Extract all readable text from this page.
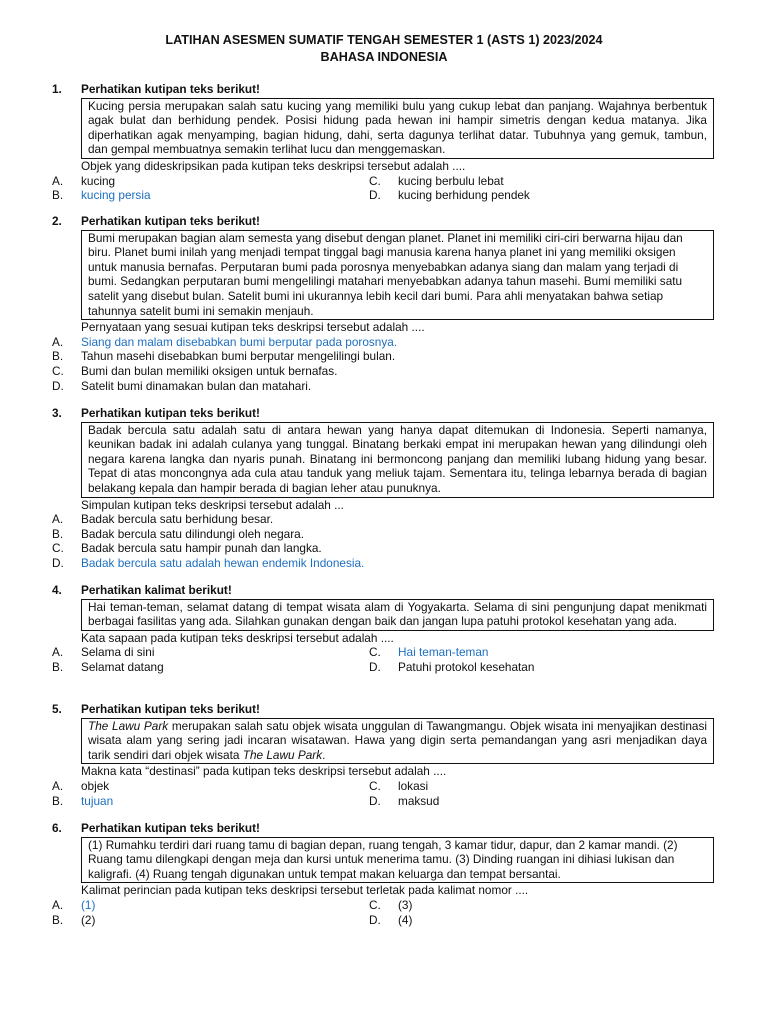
LATIHAN ASESMEN SUMATIF TENGAH SEMESTER 1 (ASTS 1) 2023/2024
BAHASA INDONESIA
1.	Perhatikan kutipan teks berikut!
Kucing persia merupakan salah satu kucing yang memiliki bulu yang cukup lebat dan panjang. Wajahnya berbentuk agak bulat dan berhidung pendek. Posisi hidung pada hewan ini hampir simetris dengan kedua matanya. Jika diperhatikan agak menyamping, bagian hidung, dahi, serta dagunya terlihat datar. Tubuhnya yang gemuk, tambun, dan gempal membuatnya semakin terlihat lucu dan menggemaskan.
Objek yang dideskripsikan pada kutipan teks deskripsi tersebut adalah ....
A.	kucing	C.	kucing berbulu lebat
B.	kucing persia	D.	kucing berhidung pendek
2.	Perhatikan kutipan teks berikut!
Bumi merupakan bagian alam semesta yang disebut dengan planet. Planet ini memiliki ciri-ciri berwarna hijau dan biru. Planet bumi inilah yang menjadi tempat tinggal bagi manusia karena hanya planet ini yang memiliki oksigen untuk manusia bernafas. Perputaran bumi pada porosnya menyebabkan adanya siang dan malam yang terjadi di bumi. Sedangkan perputaran bumi mengelilingi matahari menyebabkan adanya tahun masehi. Bumi memiliki satu satelit yang disebut bulan. Satelit bumi ini ukurannya lebih kecil dari bumi. Para ahli menyatakan bahwa setiap tahunnya satelit bumi ini semakin menjauh.
Pernyataan yang sesuai kutipan teks deskripsi tersebut adalah ....
A.	Siang dan malam disebabkan bumi berputar pada porosnya.
B.	Tahun masehi disebabkan bumi berputar mengelilingi bulan.
C.	Bumi dan bulan memiliki oksigen untuk bernafas.
D.	Satelit bumi dinamakan bulan dan matahari.
3.	Perhatikan kutipan teks berikut!
Badak bercula satu adalah satu di antara hewan yang hanya dapat ditemukan di Indonesia. Seperti namanya, keunikan badak ini adalah culanya yang tunggal. Binatang berkaki empat ini merupakan hewan yang dilindungi oleh negara karena langka dan nyaris punah. Binatang ini bermoncong panjang dan memiliki lubang hidung yang besar. Tepat di atas moncongnya ada cula atau tanduk yang meliuk tajam. Sementara itu, telinga lebarnya berada di bagian belakang kepala dan hampir berada di bagian leher atau punuknya.
Simpulan kutipan teks deskripsi tersebut adalah ...
A.	Badak bercula satu berhidung besar.
B.	Badak bercula satu dilindungi oleh negara.
C.	Badak bercula satu hampir punah dan langka.
D.	Badak bercula satu adalah hewan endemik Indonesia.
4.	Perhatikan kalimat berikut!
Hai teman-teman, selamat datang di tempat wisata alam di Yogyakarta. Selama di sini pengunjung dapat menikmati berbagai fasilitas yang ada. Silahkan gunakan dengan baik dan jangan lupa patuhi protokol kesehatan yang ada.
Kata sapaan pada kutipan teks deskripsi tersebut adalah ....
A.	Selama di sini	C.	Hai teman-teman
B.	Selamat datang	D.	Patuhi protokol kesehatan
5.	Perhatikan kutipan teks berikut!
The Lawu Park merupakan salah satu objek wisata unggulan di Tawangmangu. Objek wisata ini menyajikan destinasi wisata alam yang sering jadi incaran wisatawan. Hawa yang digin serta pemandangan yang asri menjadikan daya tarik sendiri dari objek wisata The Lawu Park.
Makna kata “destinasi” pada kutipan teks deskripsi tersebut adalah ....
A.	objek	C.	lokasi
B.	tujuan	D.	maksud
6.	Perhatikan kutipan teks berikut!
(1) Rumahku terdiri dari ruang tamu di bagian depan, ruang tengah, 3 kamar tidur, dapur, dan 2 kamar mandi. (2) Ruang tamu dilengkapi dengan meja dan kursi untuk menerima tamu. (3) Dinding ruangan ini dihiasi lukisan dan kaligrafi. (4) Ruang tengah digunakan untuk tempat makan keluarga dan tempat bersantai.
Kalimat perincian pada kutipan teks deskripsi tersebut terletak pada kalimat nomor ....
A.	(1)	C.	(3)
B.	(2)	D.	(4)
